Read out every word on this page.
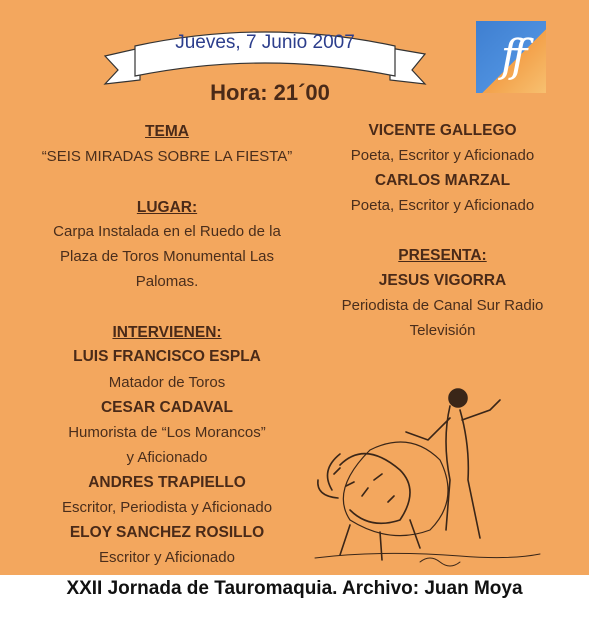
Jueves, 7 Junio 2007
Hora: 21´00
ff
TEMA
“SEIS MIRADAS SOBRE LA FIESTA”
LUGAR:
Carpa Instalada en el Ruedo de la
Plaza de Toros Monumental Las
Palomas.
INTERVIENEN:
LUIS FRANCISCO ESPLA
Matador de Toros
CESAR CADAVAL
Humorista de “Los Morancos”
y Aficionado
ANDRES TRAPIELLO
Escritor, Periodista y Aficionado
ELOY SANCHEZ ROSILLO
Escritor y Aficionado
VICENTE GALLEGO
Poeta, Escritor y Aficionado
CARLOS MARZAL
Poeta, Escritor y Aficionado
PRESENTA:
JESUS VIGORRA
Periodista de Canal Sur Radio
Televisión
XXII Jornada de Tauromaquia. Archivo: Juan Moya
